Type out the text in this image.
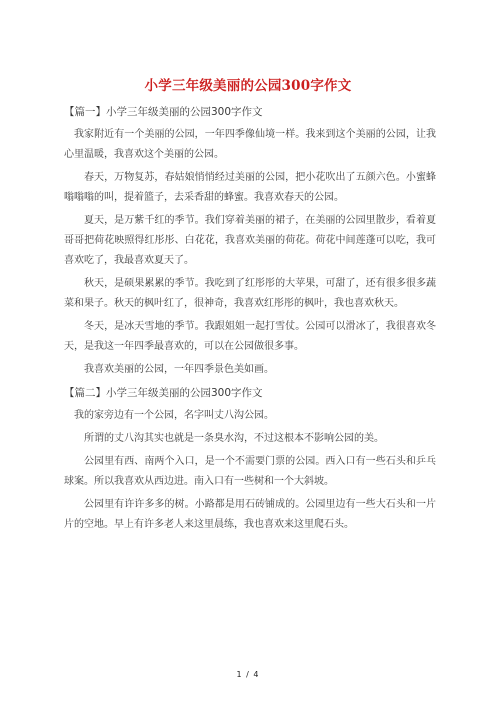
小学三年级美丽的公园300字作文
【篇一】小学三年级美丽的公园300字作文

我家附近有一个美丽的公园，一年四季像仙境一样。我来到这个美丽的公园，让我心里温暖，我喜欢这个美丽的公园。

春天，万物复苏，春姑娘悄悄经过美丽的公园，把小花吹出了五颜六色。小蜜蜂嗡嗡嗡的叫，提着篮子，去采香甜的蜂蜜。我喜欢春天的公园。

夏天，是万紫千红的季节。我们穿着美丽的裙子，在美丽的公园里散步，看着夏哥哥把荷花映照得红彤彤、白花花，我喜欢美丽的荷花。荷花中间莲蓬可以吃，我可喜欢吃了，我最喜欢夏天了。

秋天，是硕果累累的季节。我吃到了红彤彤的大苹果，可甜了，还有很多很多蔬菜和果子。秋天的枫叶红了，很神奇，我喜欢红彤彤的枫叶，我也喜欢秋天。

冬天，是冰天雪地的季节。我跟姐姐一起打雪仗。公园可以滑冰了，我很喜欢冬天，是我这一年四季最喜欢的，可以在公园做很多事。

我喜欢美丽的公园，一年四季景色美如画。

【篇二】小学三年级美丽的公园300字作文

我的家旁边有一个公园，名字叫丈八沟公园。

所谓的丈八沟其实也就是一条臭水沟，不过这根本不影响公园的美。

公园里有西、南两个入口，是一个不需要门票的公园。西入口有一些石头和乒乓球案。所以我喜欢从西边进。南入口有一些树和一个大斜坡。

公园里有许许多多的树。小路都是用石砖铺成的。公园里边有一些大石头和一片片的空地。早上有许多老人来这里晨练，我也喜欢来这里爬石头。

1 / 4
